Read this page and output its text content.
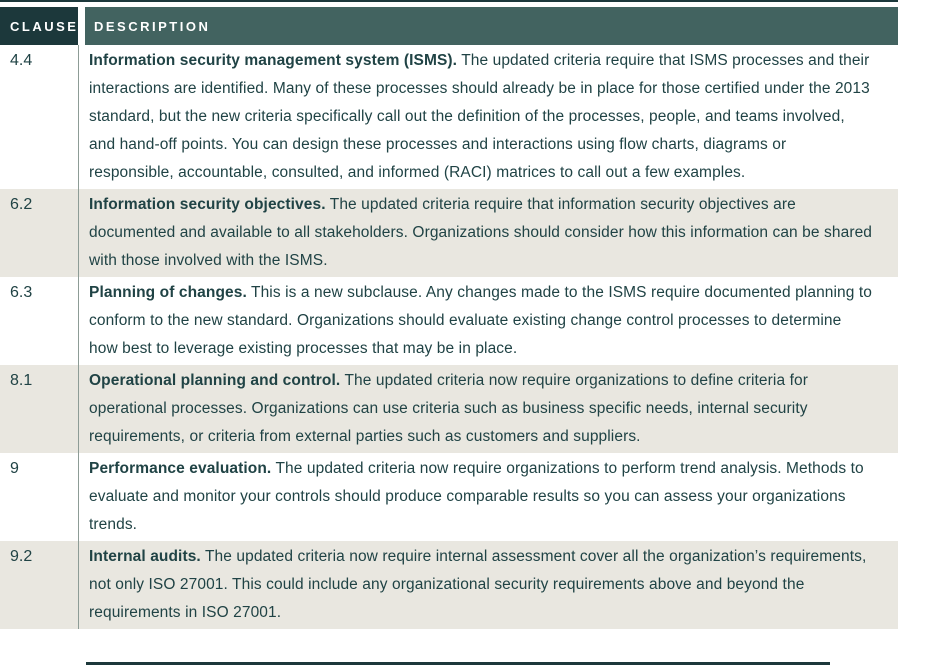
CLAUSE DESCRIPTION
4.4	Information security management system (ISMS). The updated criteria require that ISMS processes and their interactions are identified. Many of these processes should already be in place for those certified under the 2013 standard, but the new criteria specifically call out the definition of the processes, people, and teams involved, and hand-off points. You can design these processes and interactions using flow charts, diagrams or responsible, accountable, consulted, and informed (RACI) matrices to call out a few examples.

6.2	Information security objectives. The updated criteria require that information security objectives are documented and available to all stakeholders. Organizations should consider how this information can be shared with those involved with the ISMS.

6.3	Planning of changes. This is a new subclause. Any changes made to the ISMS require documented planning to conform to the new standard. Organizations should evaluate existing change control processes to determine how best to leverage existing processes that may be in place.

8.1	Operational planning and control. The updated criteria now require organizations to define criteria for operational processes. Organizations can use criteria such as business specific needs, internal security requirements, or criteria from external parties such as customers and suppliers.

9	Performance evaluation. The updated criteria now require organizations to perform trend analysis. Methods to evaluate and monitor your controls should produce comparable results so you can assess your organizations trends.

9.2	Internal audits. The updated criteria now require internal assessment cover all the organization’s requirements, not only ISO 27001. This could include any organizational security requirements above and beyond the requirements in ISO 27001.
